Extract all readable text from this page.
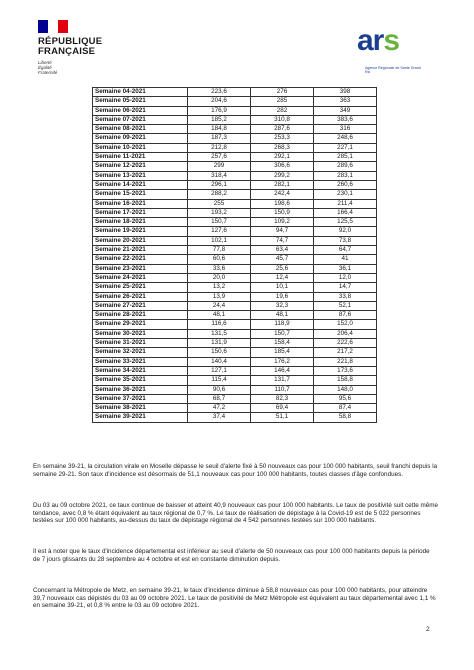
RÉPUBLIQUE
FRANÇAISE
Liberté
Égalité
Fraternité
ars
Agence Régionale de Santé Grand Est
Semaine 04-2021	223,6	276	398
Semaine 05-2021	204,6	285	363
Semaine 06-2021	176,9	282	349
Semaine 07-2021	185,2	310,8	383,6
Semaine 08-2021	184,8	287,6	316
Semaine 09-2021	187,3	253,3	248,6
Semaine 10-2021	212,8	268,3	227,1
Semaine 11-2021	257,6	292,1	285,1
Semaine 12-2021	299	306,6	289,6
Semaine 13-2021	318,4	299,2	283,1
Semaine 14-2021	296,1	282,1	260,6
Semaine 15-2021	288,2	242,4	230,1
Semaine 16-2021	255	198,6	211,4
Semaine 17-2021	193,2	150,9	166,4
Semaine 18-2021	150,7	109,2	125,5
Semaine 19-2021	127,6	94,7	92,0
Semaine 20-2021	102,1	74,7	73,8
Semaine 21-2021	77,8	63,4	64,7
Semaine 22-2021	60,6	45,7	41
Semaine 23-2021	33,6	25,6	36,1
Semaine 24-2021	20,0	12,4	12,0
Semaine 25-2021	13,2	10,1	14,7
Semaine 26-2021	13,9	19,6	33,8
Semaine 27-2021	24,4	32,3	52,1
Semaine 28-2021	48,1	48,1	87,6
Semaine 29-2021	116,6	118,9	152,0
Semaine 30-2021	131,5	150,7	206,4
Semaine 31-2021	131,9	158,4	222,6
Semaine 32-2021	150,6	185,4	217,2
Semaine 33-2021	140,4	176,2	221,8
Semaine 34-2021	127,1	146,4	173,6
Semaine 35-2021	115,4	131,7	158,8
Semaine 36-2021	90,6	110,7	148,0
Semaine 37-2021	68,7	82,3	95,6
Semaine 38-2021	47,2	69,4	87,4
Semaine 39-2021	37,4	51,1	58,8

En semaine 39-21, la circulation virale en Moselle dépasse le seuil d'alerte fixé à 50 nouveaux cas pour 100 000 habitants, seuil franchi depuis la semaine 29-21. Son taux d'incidence est désormais de 51,1 nouveaux cas pour 100 000 habitants, toutes classes d'âge confondues.

Du 03 au 09 octobre 2021, ce taux continue de baisser et atteint 40,9 nouveaux cas pour 100 000 habitants. Le taux de positivité suit cette même tendance, avec 0,8 % étant équivalent au taux régional de 0,7 %. Le taux de réalisation de dépistage à la Covid-19 est de 5 022 personnes testées sur 100 000 habitants, au-dessus du taux de dépistage régional de 4 542 personnes testées sur 100 000 habitants.

Il est à noter que le taux d'incidence départemental est inférieur au seuil d'alerte de 50 nouveaux cas pour 100 000 habitants depuis la période de 7 jours glissants du 28 septembre au 4 octobre et est en constante diminution depuis.

Concernant la Métropole de Metz, en semaine 39-21, le taux d'incidence diminue à 58,8 nouveaux cas pour 100 000 habitants, pour atteindre 39,7 nouveaux cas dépistés du 03 au 09 octobre 2021. Le taux de positivité de Metz Métropole est équivalent au taux départemental avec 1,1 % en semaine 39-21, et 0,8 % entre le 03 au 09 octobre 2021.

2
